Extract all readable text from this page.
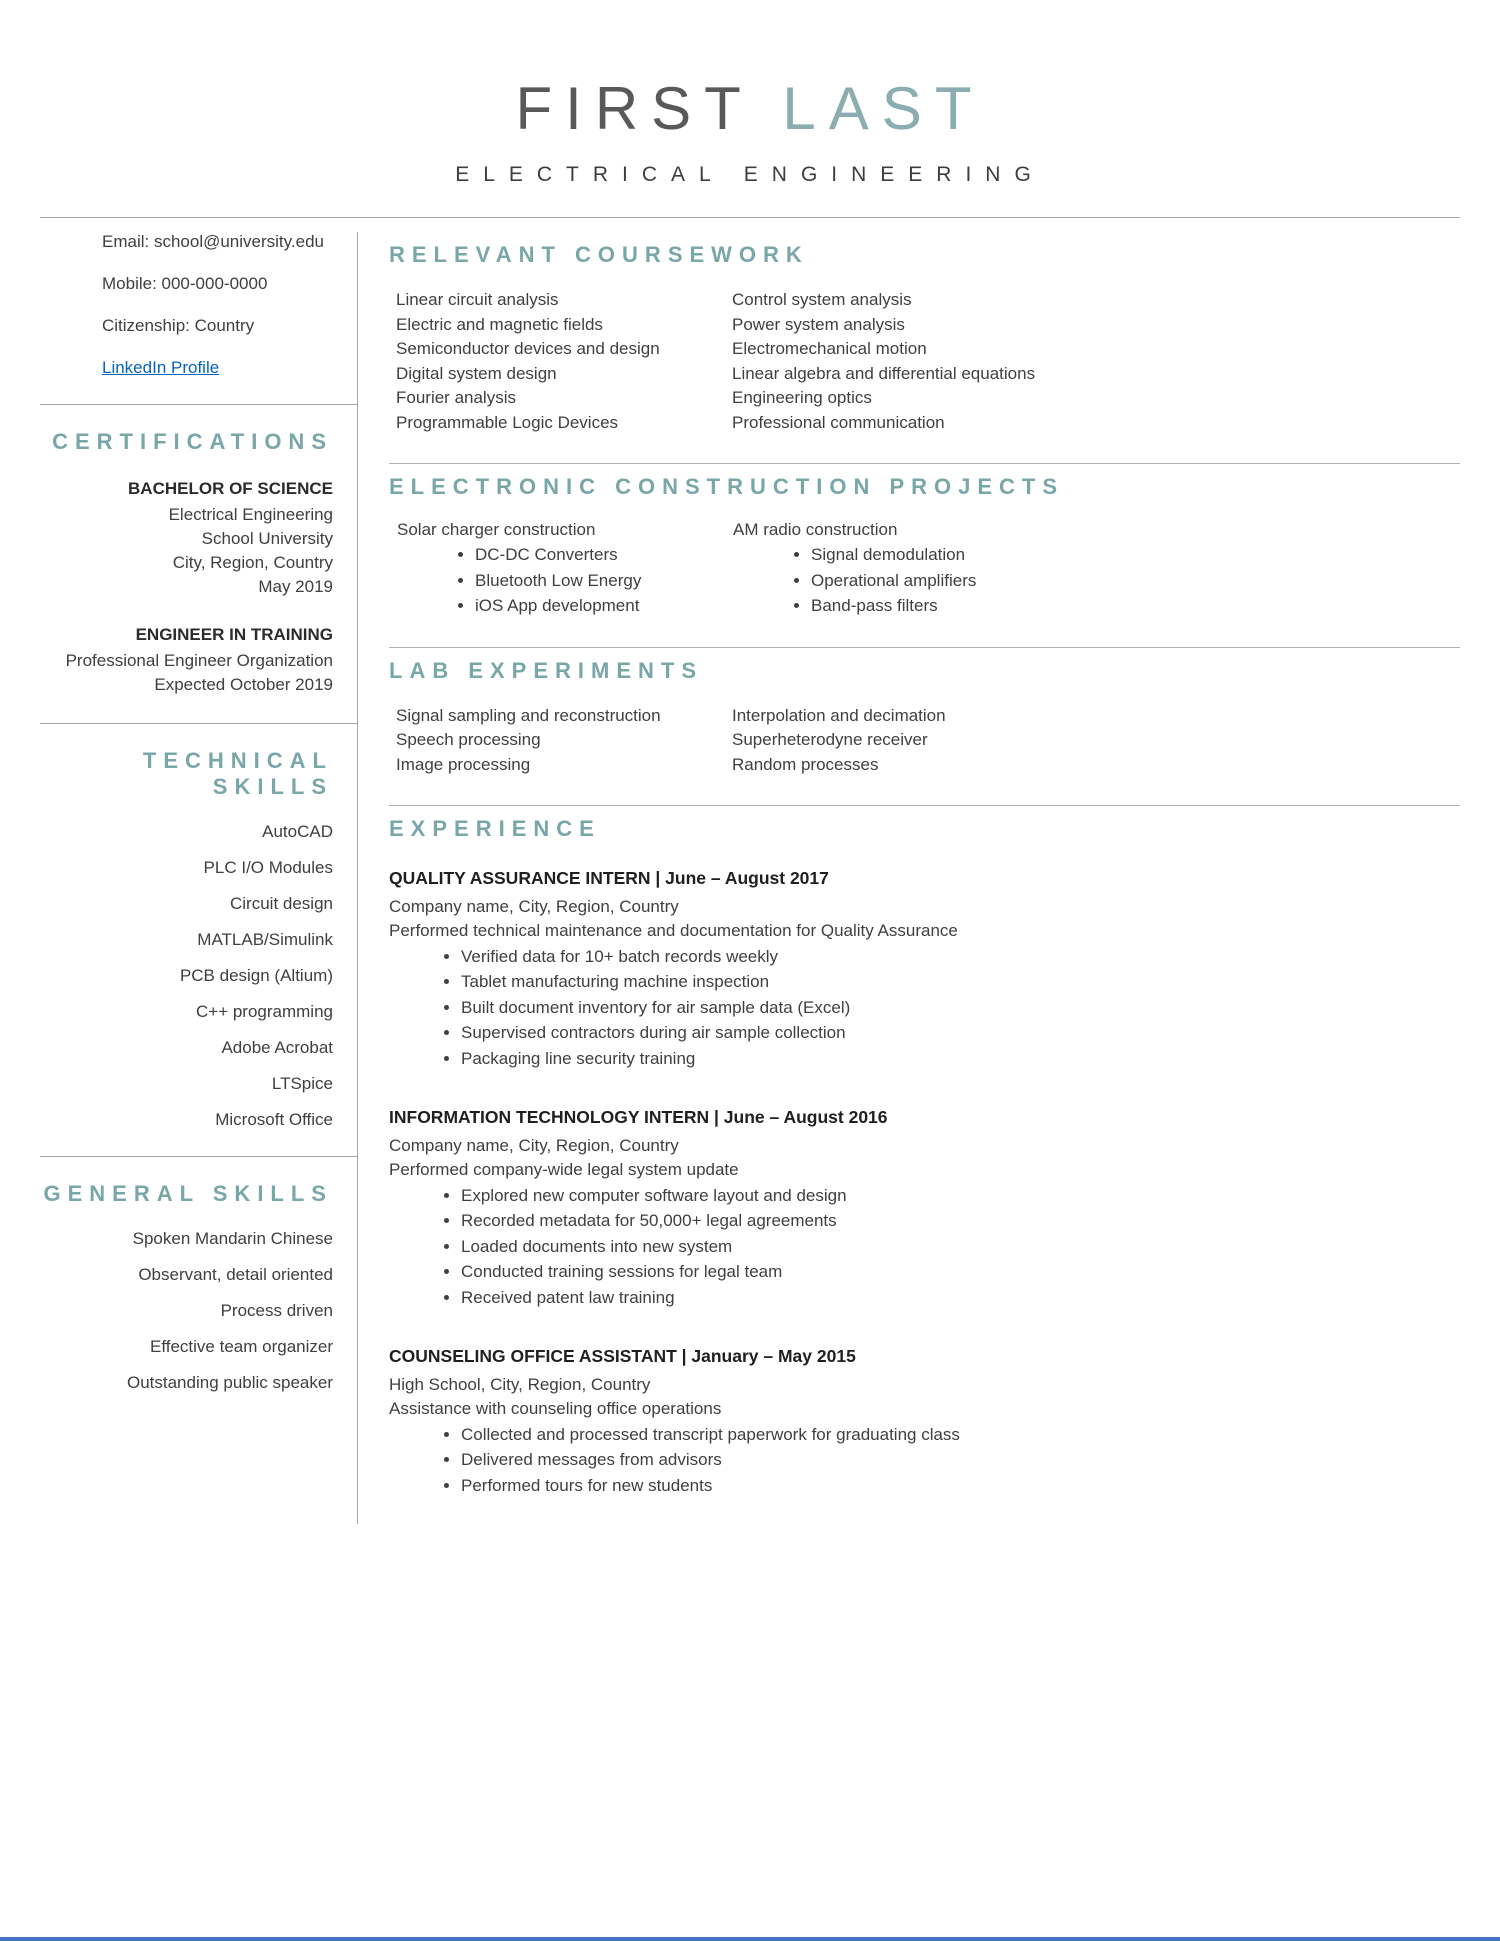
FIRST LAST
ELECTRICAL ENGINEERING

Email: school@university.edu

Mobile: 000-000-0000

Citizenship: Country

LinkedIn Profile

CERTIFICATIONS

BACHELOR OF SCIENCE

Electrical Engineering

School University

City, Region, Country

May 2019

ENGINEER IN TRAINING

Professional Engineer Organization

Expected October 2019

TECHNICAL SKILLS
AutoCAD
PLC I/O Modules
Circuit design
MATLAB/Simulink
PCB design (Altium)
C++ programming
Adobe Acrobat
LTSpice
Microsoft Office
GENERAL SKILLS
Spoken Mandarin Chinese
Observant, detail oriented
Process driven
Effective team organizer
Outstanding public speaker
RELEVANT COURSEWORK
Linear circuit analysis
Electric and magnetic fields
Semiconductor devices and design
Digital system design
Fourier analysis
Programmable Logic Devices
Control system analysis
Power system analysis
Electromechanical motion
Linear algebra and differential equations
Engineering optics
Professional communication
ELECTRONIC CONSTRUCTION PROJECTS

Solar charger construction

• DC-DC Converters
• Bluetooth Low Energy
• iOS App development

AM radio construction

• Signal demodulation
• Operational amplifiers
• Band-pass filters
LAB EXPERIMENTS
Signal sampling and reconstruction
Speech processing
Image processing
Interpolation and decimation
Superheterodyne receiver
Random processes
EXPERIENCE

QUALITY ASSURANCE INTERN | June – August 2017

Company name, City, Region, Country

Performed technical maintenance and documentation for Quality Assurance

• Verified data for 10+ batch records weekly
• Tablet manufacturing machine inspection
• Built document inventory for air sample data (Excel)
• Supervised contractors during air sample collection
• Packaging line security training

INFORMATION TECHNOLOGY INTERN | June – August 2016

Company name, City, Region, Country

Performed company-wide legal system update

• Explored new computer software layout and design
• Recorded metadata for 50,000+ legal agreements
• Loaded documents into new system
• Conducted training sessions for legal team
• Received patent law training

COUNSELING OFFICE ASSISTANT | January – May 2015

High School, City, Region, Country

Assistance with counseling office operations

• Collected and processed transcript paperwork for graduating class
• Delivered messages from advisors
• Performed tours for new students
